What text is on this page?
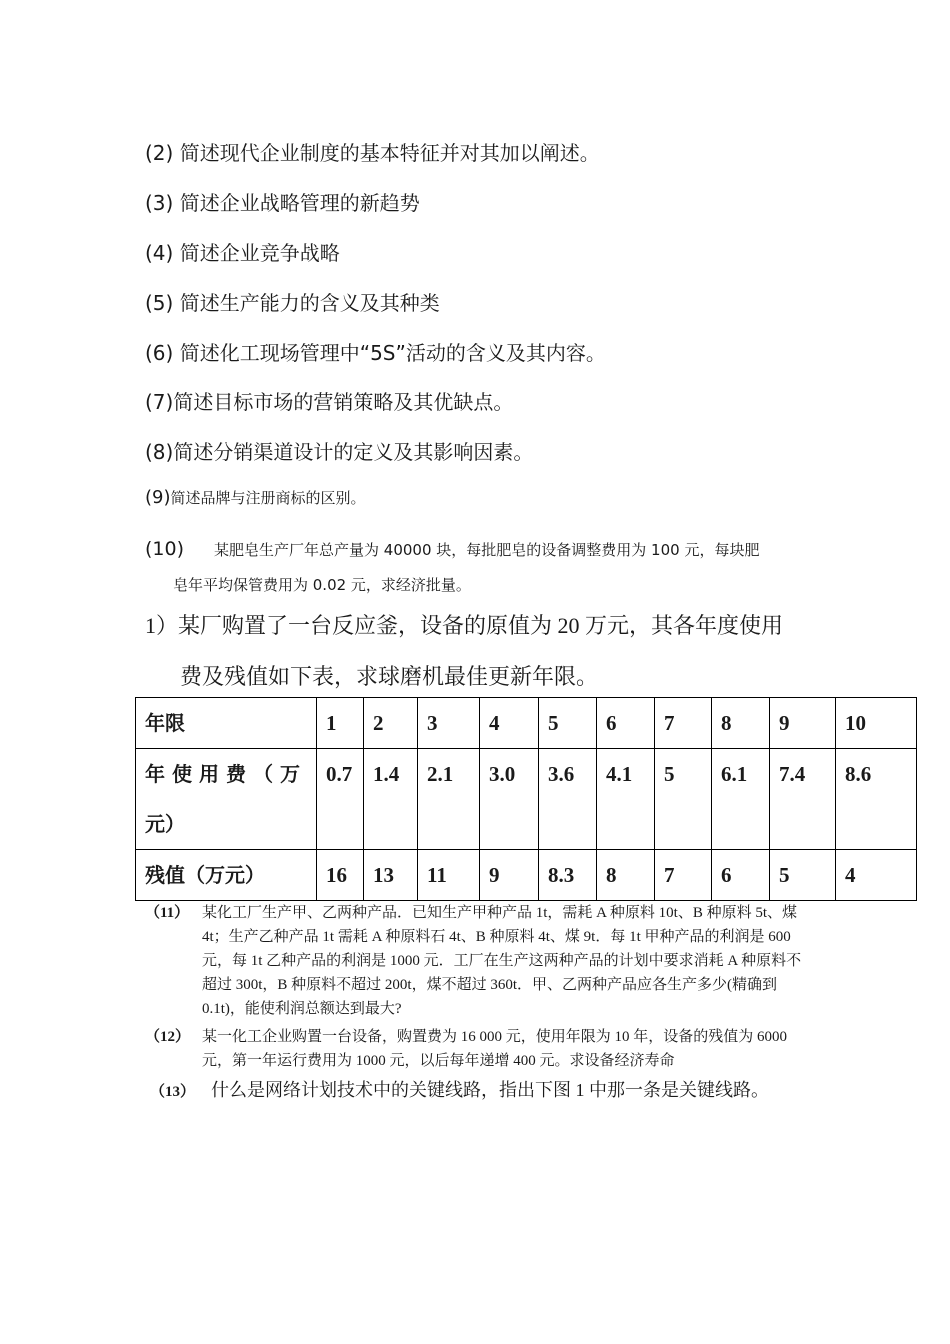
(2) 简述现代企业制度的基本特征并对其加以阐述。
(3) 简述企业战略管理的新趋势
(4) 简述企业竞争战略
(5) 简述生产能力的含义及其种类
(6) 简述化工现场管理中“5S”活动的含义及其内容。
(7)简述目标市场的营销策略及其优缺点。
(8)简述分销渠道设计的定义及其影响因素。
(9)简述品牌与注册商标的区别。
(10) 某肥皂生产厂年总产量为 40000 块，每批肥皂的设备调整费用为 100 元，每块肥
皂年平均保管费用为 0.02 元，求经济批量。
1）某厂购置了一台反应釜，设备的原值为 20 万元，其各年度使用
费及残值如下表，求球磨机最佳更新年限。
年限	1	2	3	4	5	6	7	8	9	10

年使用费（万
元）	0.7	1.4	2.1	3.0	3.6	4.1	5	6.1	7.4	8.6
残值（万元）	16	13	11	9	8.3	8	7	6	5	4
（11） 某化工厂生产甲、乙两种产品．已知生产甲种产品 1t，需耗 A 种原料 10t、B 种原料 5t、煤 4t；生产乙种产品 1t 需耗 A 种原料石 4t、B 种原料 4t、煤 9t．每 1t 甲种产品的利润是 600 元，每 1t 乙种产品的利润是 1000 元．工厂在生产这两种产品的计划中要求消耗 A 种原料不超过 300t，B 种原料不超过 200t，煤不超过 360t．甲、乙两种产品应各生产多少(精确到 0.1t)，能使利润总额达到最大?
（12） 某一化工企业购置一台设备，购置费为 16 000 元，使用年限为 10 年，设备的残值为 6000 元，第一年运行费用为 1000 元，以后每年递增 400 元。求设备经济寿命
（13） 什么是网络计划技术中的关键线路，指出下图 1 中那一条是关键线路。
